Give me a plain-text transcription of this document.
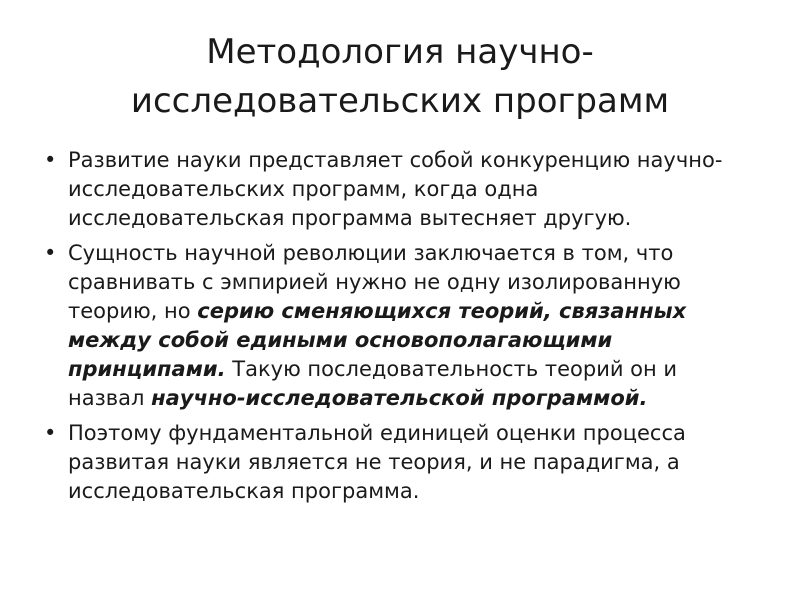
Методология научно-
исследовательских программ
• Развитие науки представляет собой конкуренцию научно-исследовательских программ, когда одна исследовательская программа вытесняет другую.
• Сущность научной революции заключается в том, что сравнивать с эмпирией нужно не одну изолированную теорию, но серию сменяющихся теорий, связанных между собой едиными основополагающими принципами. Такую последовательность теорий он и назвал научно-исследовательской программой.
• Поэтому фундаментальной единицей оценки процесса развитая науки является не теория, и не парадигма, а исследовательская программа.
